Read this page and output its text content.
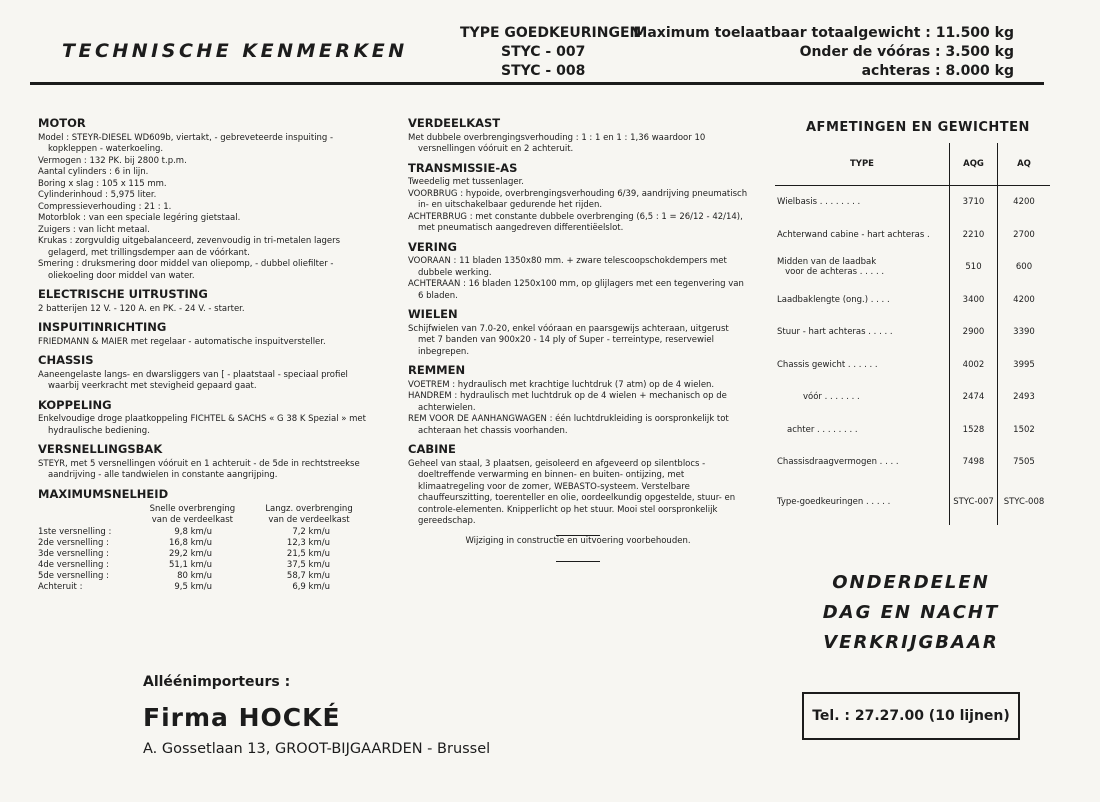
TECHNISCHE KENMERKEN
TYPE GOEDKEURINGEN
STYC - 007
STYC - 008
Maximum toelaatbaar totaalgewicht : 11.500 kg
Onder de vóóras : 3.500 kg
achteras : 8.000 kg
MOTOR

Model : STEYR-DIESEL WD609b, viertakt, - gebreveteerde inspuiting - kopkleppen - waterkoeling.

Vermogen : 132 PK. bij 2800 t.p.m.

Aantal cylinders : 6 in lijn.

Boring x slag : 105 x 115 mm.

Cylinderinhoud : 5,975 liter.

Compressieverhouding : 21 : 1.

Motorblok : van een speciale legéring gietstaal.

Zuigers : van licht metaal.

Krukas : zorgvuldig uitgebalanceerd, zevenvoudig in tri-metalen lagers gelagerd, met trillingsdemper aan de vóórkant.

Smering : druksmering door middel van oliepomp, - dubbel oliefilter - oliekoeling door middel van water.

ELECTRISCHE UITRUSTING

2 batterijen 12 V. - 120 A. en PK. - 24 V. - starter.

INSPUITINRICHTING

FRIEDMANN & MAIER met regelaar - automatische inspuitversteller.

CHASSIS

Aaneengelaste langs- en dwarsliggers van [ - plaatstaal - speciaal profiel waarbij veerkracht met stevigheid gepaard gaat.

KOPPELING

Enkelvoudige droge plaatkoppeling FICHTEL & SACHS « G 38 K Spezial » met hydraulische bediening.

VERSNELLINGSBAK

STEYR, met 5 versnellingen vóóruit en 1 achteruit - de 5de in rechtstreekse aandrijving - alle tandwielen in constante aangrijping.

MAXIMUMSNELHEID
	Snelle overbrenging
van de verdeelkast	Langz. overbrenging
van de verdeelkast
1ste versnelling :	9,8 km/u	7,2 km/u
2de versnelling :	16,8 km/u	12,3 km/u
3de versnelling :	29,2 km/u	21,5 km/u
4de versnelling :	51,1 km/u	37,5 km/u
5de versnelling :	80 km/u	58,7 km/u
Achteruit :	9,5 km/u	6,9 km/u
VERDEELKAST

Met dubbele overbrengingsverhouding : 1 : 1 en 1 : 1,36 waardoor 10 versnellingen vóóruit en 2 achteruit.

TRANSMISSIE-AS

Tweedelig met tussenlager.

VOORBRUG : hypoide, overbrengingsverhouding 6/39, aandrijving pneumatisch in- en uitschakelbaar gedurende het rijden.

ACHTERBRUG : met constante dubbele overbrenging (6,5 : 1 = 26/12 - 42/14), met pneumatisch aangedreven differentiëelslot.

VERING

VOORAAN : 11 bladen 1350x80 mm. + zware telescoopschokdempers met dubbele werking.

ACHTERAAN : 16 bladen 1250x100 mm, op glijlagers met een tegenvering van 6 bladen.

WIELEN

Schijfwielen van 7.0-20, enkel vóóraan en paarsgewijs achteraan, uitgerust met 7 banden van 900x20 - 14 ply of Super - terreintype, reservewiel inbegrepen.

REMMEN

VOETREM : hydraulisch met krachtige luchtdruk (7 atm) op de 4 wielen.

HANDREM : hydraulisch met luchtdruk op de 4 wielen + mechanisch op de achterwielen.

REM VOOR DE AANHANGWAGEN : één luchtdrukleiding is oorspronkelijk tot achteraan het chassis voorhanden.

CABINE

Geheel van staal, 3 plaatsen, geisoleerd en afgeveerd op silentblocs - doeltreffende verwarming en binnen- en buiten- ontijzing, met klimaatregeling voor de zomer, WEBASTO-systeem. Verstelbare chauffeurszitting, toerenteller en olie, oordeelkundig opgestelde, stuur- en controle-elementen. Knipperlicht op het stuur. Mooi stel oorspronkelijk gereedschap.

Wijziging in constructie en uitvoering voorbehouden.

AFMETINGEN EN GEWICHTEN
TYPE	AQG	AQ
Wielbasis . . . . . . . .	3710	4200
Achterwand cabine - hart achteras .	2210	2700
Midden van de laadbak
voor de achteras . . . . .	510	600
Laadbaklengte (ong.) . . . .	3400	4200
Stuur - hart achteras . . . . .	2900	3390
Chassis gewicht . . . . . .	4002	3995
vóór . . . . . . .	2474	2493
achter . . . . . . . .	1528	1502
Chassisdraagvermogen . . . .	7498	7505
Type-goedkeuringen . . . . .	STYC-007	STYC-008
ONDERDELEN
DAG EN NACHT
VERKRIJGBAAR
Alléénimporteurs :
Firma HOCKÉ
A. Gossetlaan 13, GROOT-BIJGAARDEN - Brussel
Tel. : 27.27.00 (10 lijnen)
